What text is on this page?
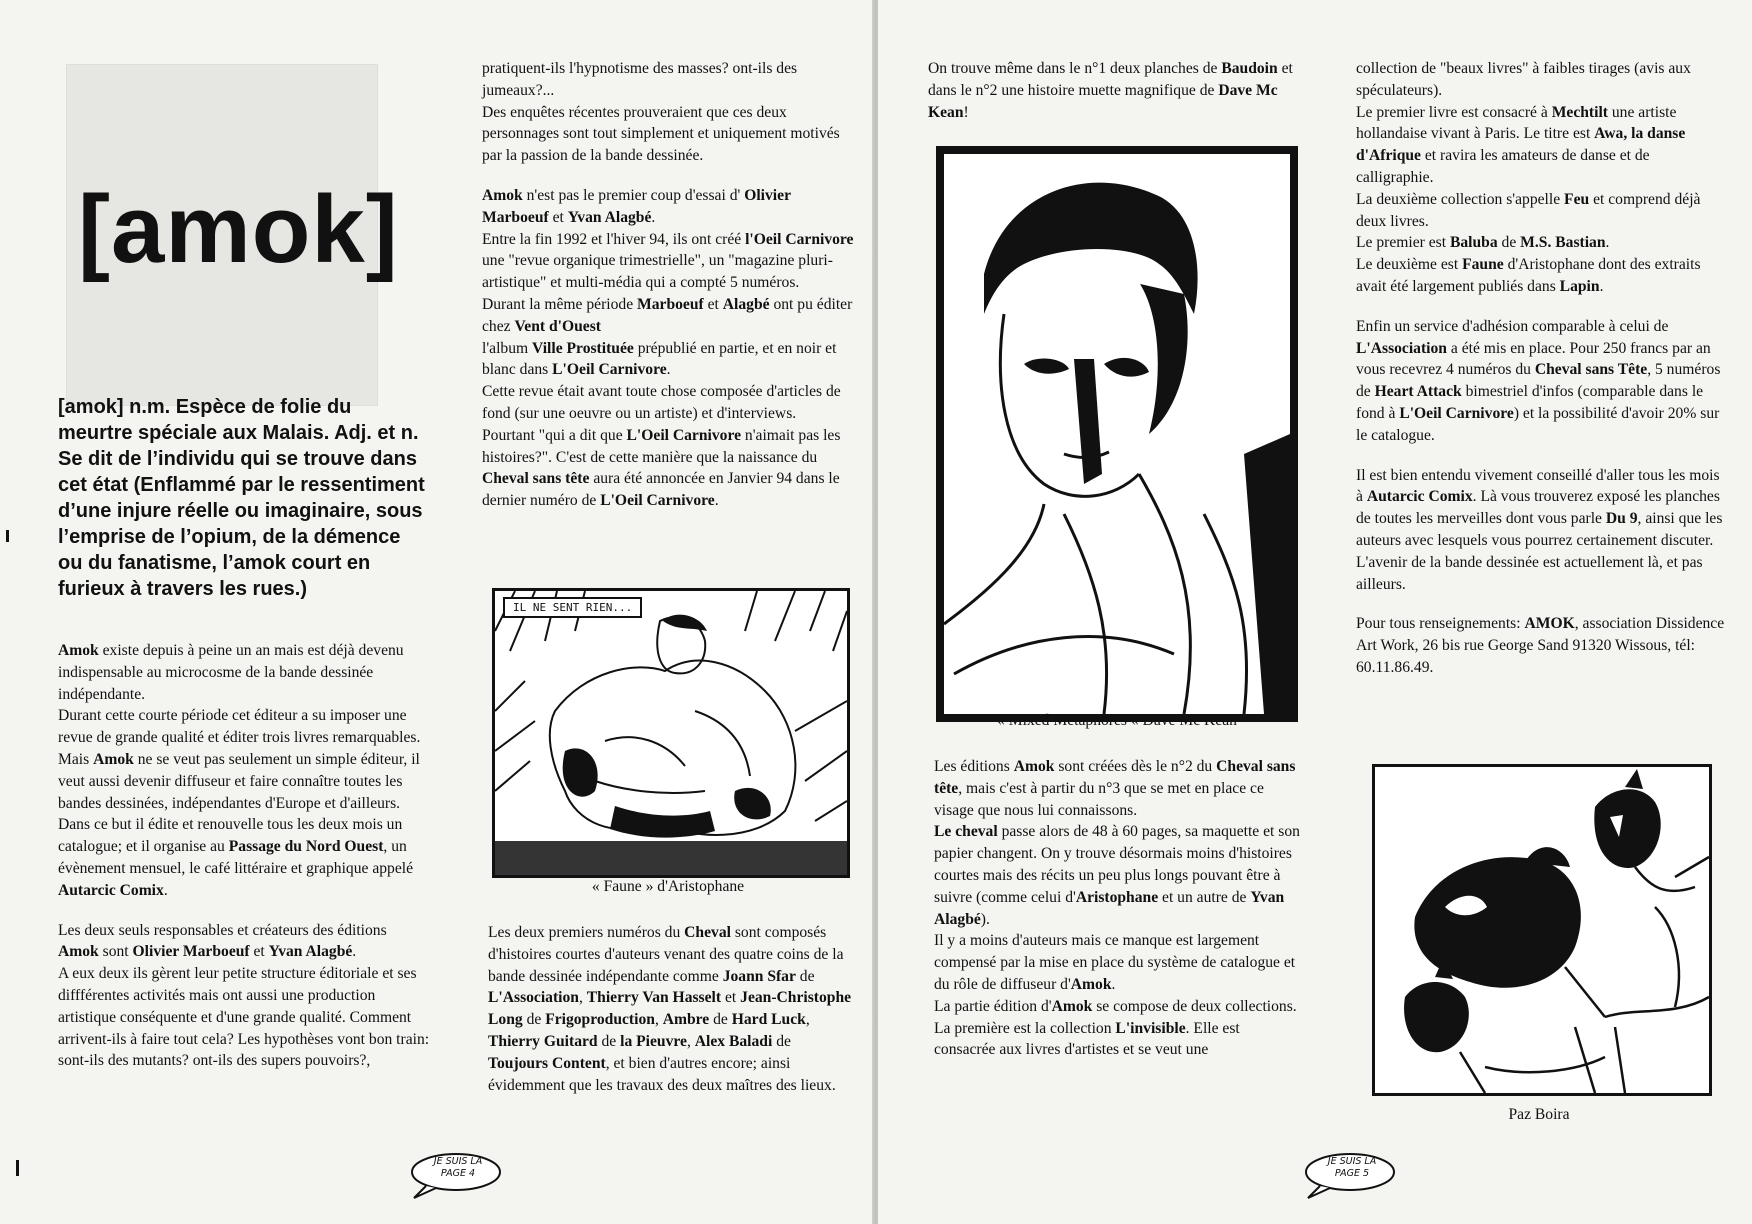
[amok]
[amok] n.m. Espèce de folie du meurtre spéciale aux Malais. Adj. et n. Se dit de l’individu qui se trouve dans cet état (Enflammé par le ressentiment d’une injure réelle ou imaginaire, sous l’emprise de l’opium, de la démence ou du fanatisme, l’amok court en furieux à travers les rues.)

Amok existe depuis à peine un an mais est déjà devenu indispensable au microcosme de la bande dessinée indépendante.

Durant cette courte période cet éditeur a su imposer une revue de grande qualité et éditer trois livres remarquables.

Mais Amok ne se veut pas seulement un simple éditeur, il veut aussi devenir diffuseur et faire connaître toutes les bandes dessinées, indépendantes d'Europe et d'ailleurs.

Dans ce but il édite et renouvelle tous les deux mois un catalogue; et il organise au Passage du Nord Ouest, un évènement mensuel, le café littéraire et graphique appelé Autarcic Comix.

Les deux seuls responsables et créateurs des éditions Amok sont Olivier Marboeuf et Yvan Alagbé.

A eux deux ils gèrent leur petite structure éditoriale et ses diffférentes activités mais ont aussi une production artistique conséquente et d'une grande qualité. Comment arrivent-ils à faire tout cela? Les hypothèses vont bon train: sont-ils des mutants? ont-ils des supers pouvoirs?,

pratiquent-ils l'hypnotisme des masses? ont-ils des jumeaux?...

Des enquêtes récentes prouveraient que ces deux personnages sont tout simplement et uniquement motivés par la passion de la bande dessinée.

Amok n'est pas le premier coup d'essai d' Olivier Marboeuf et Yvan Alagbé.

Entre la fin 1992 et l'hiver 94, ils ont créé l'Oeil Carnivore une "revue organique trimestrielle", un "magazine pluri-artistique" et multi-média qui a compté 5 numéros.

Durant la même période Marboeuf et Alagbé ont pu éditer chez Vent d'Ouest

l'album Ville Prostituée prépublié en partie, et en noir et blanc dans L'Oeil Carnivore.

Cette revue était avant toute chose composée d'articles de fond (sur une oeuvre ou un artiste) et d'interviews.

Pourtant "qui a dit que L'Oeil Carnivore n'aimait pas les histoires?". C'est de cette manière que la naissance du Cheval sans tête aura été annoncée en Janvier 94 dans le dernier numéro de L'Oeil Carnivore.

IL NE SENT RIEN...
« Faune » d'Aristophane

Les deux premiers numéros du Cheval sont composés d'histoires courtes d'auteurs venant des quatre coins de la bande dessinée indépendante comme Joann Sfar de L'Association, Thierry Van Hasselt et Jean-Christophe Long de Frigoproduction, Ambre de Hard Luck, Thierry Guitard de la Pieuvre, Alex Baladi de Toujours Content, et bien d'autres encore; ainsi évidemment que les travaux des deux maîtres des lieux.

JE SUIS LA
PAGE 4

On trouve même dans le n°1 deux planches de Baudoin et dans le n°2 une histoire muette magnifique de Dave Mc Kean!

« Mixed Metaphores « Dave Mc Kean

Les éditions Amok sont créées dès le n°2 du Cheval sans tête, mais c'est à partir du n°3 que se met en place ce visage que nous lui connaissons.

Le cheval passe alors de 48 à 60 pages, sa maquette et son papier changent. On y trouve désormais moins d'histoires courtes mais des récits un peu plus longs pouvant être à suivre (comme celui d'Aristophane et un autre de Yvan Alagbé).

Il y a moins d'auteurs mais ce manque est largement compensé par la mise en place du système de catalogue et du rôle de diffuseur d'Amok.

La partie édition d'Amok se compose de deux collections.

La première est la collection L'invisible. Elle est consacrée aux livres d'artistes et se veut une

collection de "beaux livres" à faibles tirages (avis aux spéculateurs).

Le premier livre est consacré à Mechtilt une artiste hollandaise vivant à Paris. Le titre est Awa, la danse d'Afrique et ravira les amateurs de danse et de calligraphie.

La deuxième collection s'appelle Feu et comprend déjà deux livres.

Le premier est Baluba de M.S. Bastian.

Le deuxième est Faune d'Aristophane dont des extraits avait été largement publiés dans Lapin.

Enfin un service d'adhésion comparable à celui de L'Association a été mis en place. Pour 250 francs par an vous recevrez 4 numéros du Cheval sans Tête, 5 numéros de Heart Attack bimestriel d'infos (comparable dans le fond à L'Oeil Carnivore) et la possibilité d'avoir 20% sur le catalogue.

Il est bien entendu vivement conseillé d'aller tous les mois à Autarcic Comix. Là vous trouverez exposé les planches de toutes les merveilles dont vous parle Du 9, ainsi que les auteurs avec lesquels vous pourrez certainement discuter.

L'avenir de la bande dessinée est actuellement là, et pas ailleurs.

Pour tous renseignements: AMOK, association Dissidence Art Work, 26 bis rue George Sand 91320 Wissous, tél: 60.11.86.49.

Paz Boira
JE SUIS LA
PAGE 5
